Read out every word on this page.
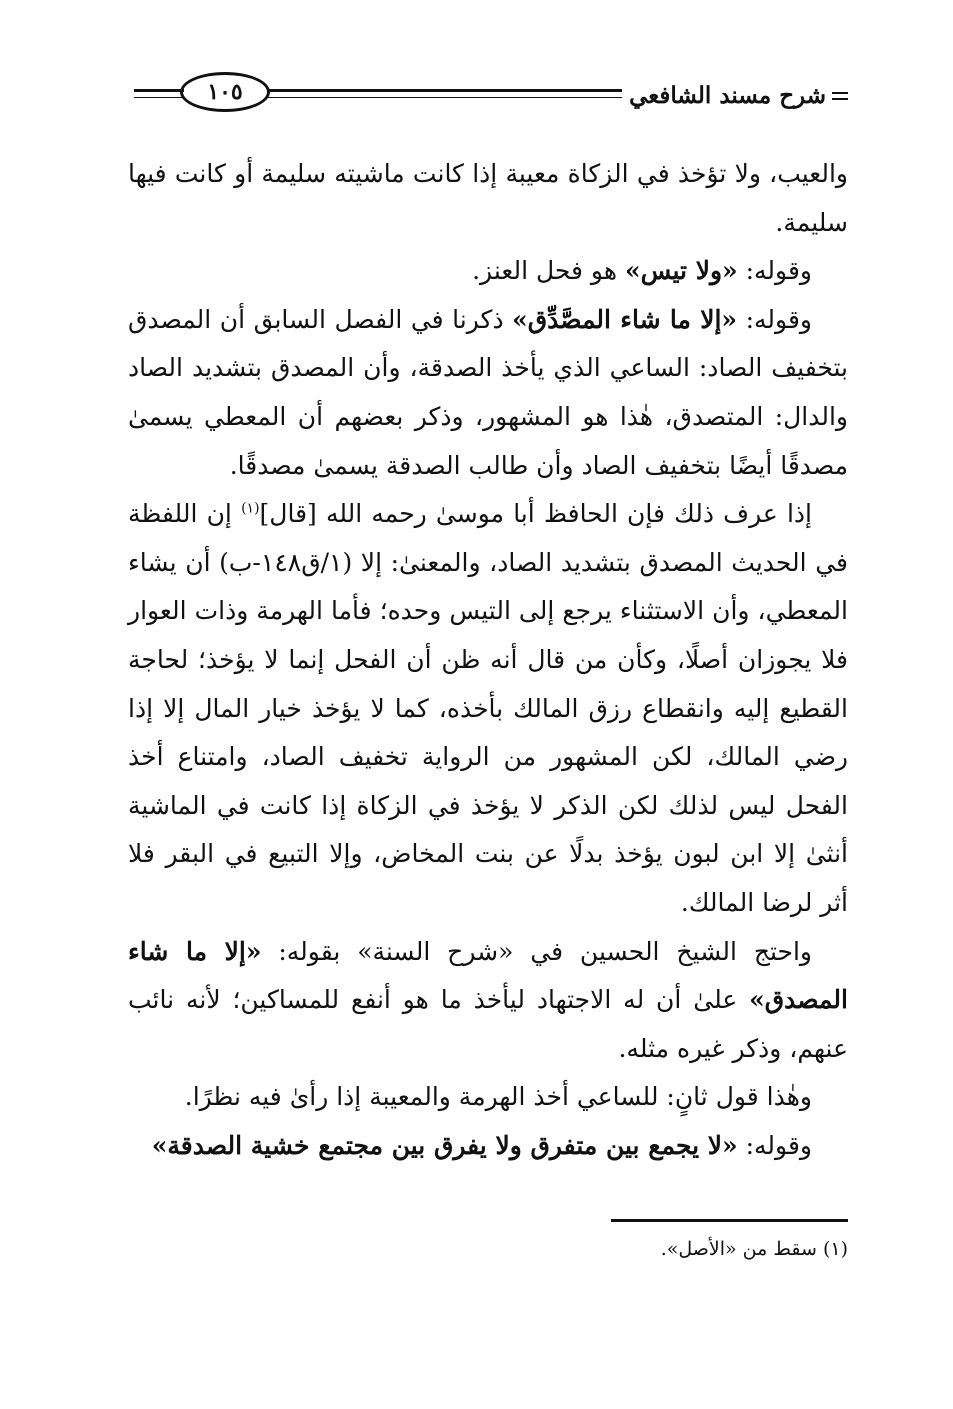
شرح مسند الشافعي
١٠٥

والعيب، ولا تؤخذ في الزكاة معيبة إذا كانت ماشيته سليمة أو كانت فيها سليمة.

وقوله: «ولا تيس» هو فحل العنز.

وقوله: «إلا ما شاء المصَّدِّق» ذكرنا في الفصل السابق أن المصدق بتخفيف الصاد: الساعي الذي يأخذ الصدقة، وأن المصدق بتشديد الصاد والدال: المتصدق، هٰذا هو المشهور، وذكر بعضهم أن المعطي يسمىٰ مصدقًا أيضًا بتخفيف الصاد وأن طالب الصدقة يسمىٰ مصدقًا.

إذا عرف ذلك فإن الحافظ أبا موسىٰ رحمه الله [قال]$^{(١)}$ إن اللفظة في الحديث المصدق بتشديد الصاد، والمعنىٰ: إلا (١/ق١٤٨-ب) أن يشاء المعطي، وأن الاستثناء يرجع إلى التيس وحده؛ فأما الهرمة وذات العوار فلا يجوزان أصلًا، وكأن من قال أنه ظن أن الفحل إنما لا يؤخذ؛ لحاجة القطيع إليه وانقطاع رزق المالك بأخذه، كما لا يؤخذ خيار المال إلا إذا رضي المالك، لكن المشهور من الرواية تخفيف الصاد، وامتناع أخذ الفحل ليس لذلك لكن الذكر لا يؤخذ في الزكاة إذا كانت في الماشية أنثىٰ إلا ابن لبون يؤخذ بدلًا عن بنت المخاض، وإلا التبيع في البقر فلا أثر لرضا المالك.

واحتج الشيخ الحسين في «شرح السنة» بقوله: «إلا ما شاء المصدق» علىٰ أن له الاجتهاد ليأخذ ما هو أنفع للمساكين؛ لأنه نائب عنهم، وذكر غيره مثله.

وهٰذا قول ثانٍ: للساعي أخذ الهرمة والمعيبة إذا رأىٰ فيه نظرًا.

وقوله: «لا يجمع بين متفرق ولا يفرق بين مجتمع خشية الصدقة»

(١) سقط من «الأصل».
